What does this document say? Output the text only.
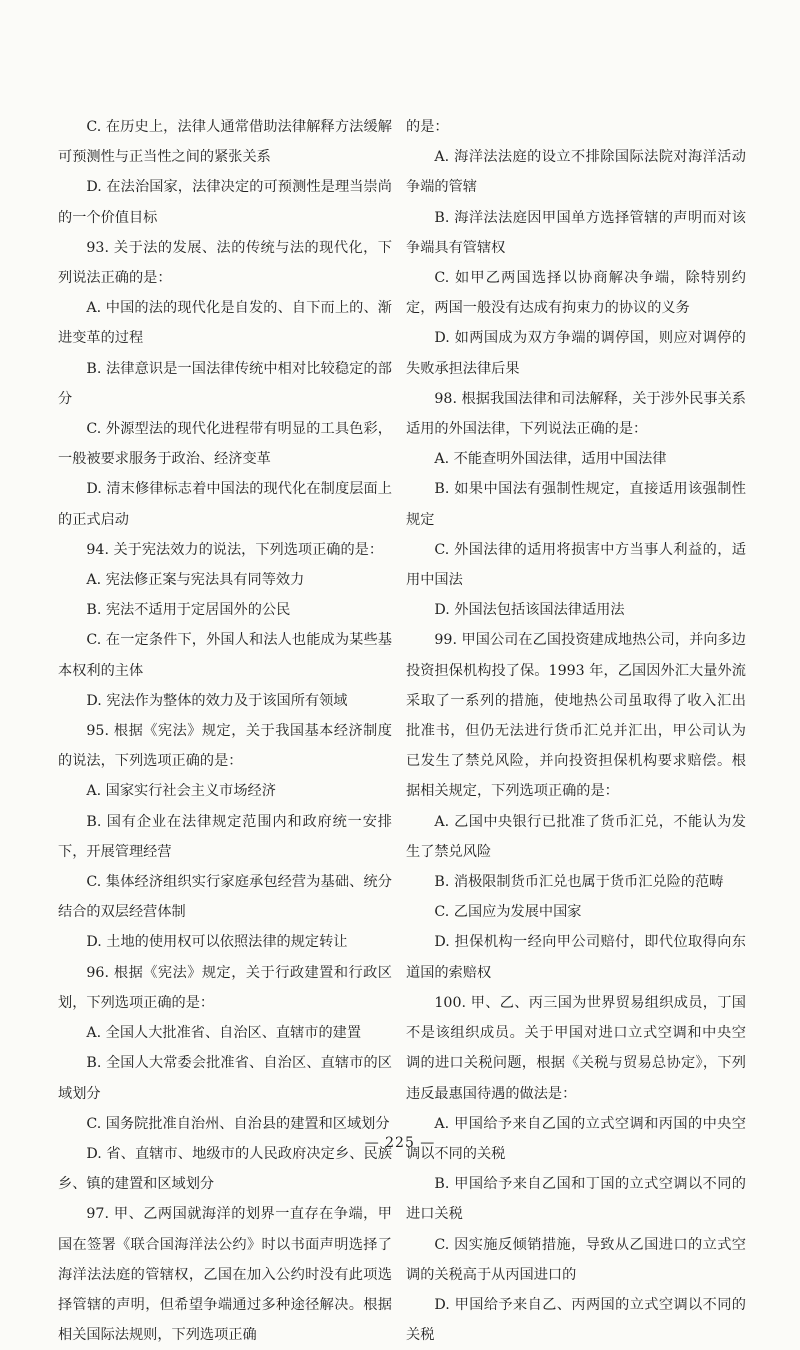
C. 在历史上，法律人通常借助法律解释方法缓解可预测性与正当性之间的紧张关系

D. 在法治国家，法律决定的可预测性是理当崇尚的一个价值目标

93. 关于法的发展、法的传统与法的现代化，下列说法正确的是：

A. 中国的法的现代化是自发的、自下而上的、渐进变革的过程

B. 法律意识是一国法律传统中相对比较稳定的部分

C. 外源型法的现代化进程带有明显的工具色彩，一般被要求服务于政治、经济变革

D. 清末修律标志着中国法的现代化在制度层面上的正式启动

94. 关于宪法效力的说法，下列选项正确的是：

A. 宪法修正案与宪法具有同等效力

B. 宪法不适用于定居国外的公民

C. 在一定条件下，外国人和法人也能成为某些基本权利的主体

D. 宪法作为整体的效力及于该国所有领域

95. 根据《宪法》规定，关于我国基本经济制度的说法，下列选项正确的是：

A. 国家实行社会主义市场经济

B. 国有企业在法律规定范围内和政府统一安排下，开展管理经营

C. 集体经济组织实行家庭承包经营为基础、统分结合的双层经营体制

D. 土地的使用权可以依照法律的规定转让

96. 根据《宪法》规定，关于行政建置和行政区划，下列选项正确的是：

A. 全国人大批准省、自治区、直辖市的建置

B. 全国人大常委会批准省、自治区、直辖市的区域划分

C. 国务院批准自治州、自治县的建置和区域划分

D. 省、直辖市、地级市的人民政府决定乡、民族乡、镇的建置和区域划分

97. 甲、乙两国就海洋的划界一直存在争端，甲国在签署《联合国海洋法公约》时以书面声明选择了海洋法法庭的管辖权，乙国在加入公约时没有此项选择管辖的声明，但希望争端通过多种途径解决。根据相关国际法规则，下列选项正确

的是：

A. 海洋法法庭的设立不排除国际法院对海洋活动争端的管辖

B. 海洋法法庭因甲国单方选择管辖的声明而对该争端具有管辖权

C. 如甲乙两国选择以协商解决争端，除特别约定，两国一般没有达成有拘束力的协议的义务

D. 如两国成为双方争端的调停国，则应对调停的失败承担法律后果

98. 根据我国法律和司法解释，关于涉外民事关系适用的外国法律，下列说法正确的是：

A. 不能查明外国法律，适用中国法律

B. 如果中国法有强制性规定，直接适用该强制性规定

C. 外国法律的适用将损害中方当事人利益的，适用中国法

D. 外国法包括该国法律适用法

99. 甲国公司在乙国投资建成地热公司，并向多边投资担保机构投了保。1993 年，乙国因外汇大量外流采取了一系列的措施，使地热公司虽取得了收入汇出批准书，但仍无法进行货币汇兑并汇出，甲公司认为已发生了禁兑风险，并向投资担保机构要求赔偿。根据相关规定，下列选项正确的是：

A. 乙国中央银行已批准了货币汇兑，不能认为发生了禁兑风险

B. 消极限制货币汇兑也属于货币汇兑险的范畴

C. 乙国应为发展中国家

D. 担保机构一经向甲公司赔付，即代位取得向东道国的索赔权

100. 甲、乙、丙三国为世界贸易组织成员，丁国不是该组织成员。关于甲国对进口立式空调和中央空调的进口关税问题，根据《关税与贸易总协定》，下列违反最惠国待遇的做法是：

A. 甲国给予来自乙国的立式空调和丙国的中央空调以不同的关税

B. 甲国给予来自乙国和丁国的立式空调以不同的进口关税

C. 因实施反倾销措施，导致从乙国进口的立式空调的关税高于从丙国进口的

D. 甲国给予来自乙、丙两国的立式空调以不同的关税

— 225 —
